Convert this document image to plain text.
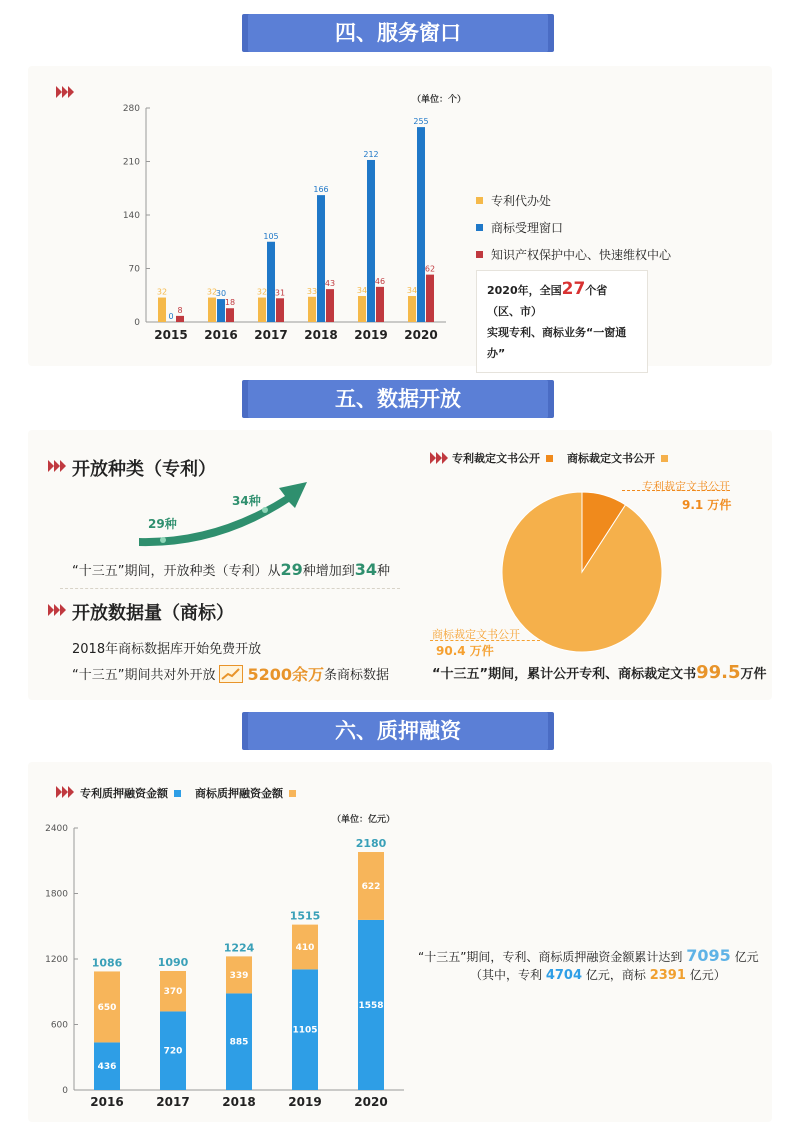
四、服务窗口
（单位：个）
0
70
140
210
280
32
0
8
2015
32
30
18
2016
32
105
31
2017
33
166
43
2018
34
212
46
2019
34
255
62
2020
专利代办处
商标受理窗口
知识产权保护中心、快速维权中心
2020年，全国27个省（区、市）
实现专利、商标业务“一窗通办”
五、数据开放
开放种类（专利）
29种
34种
“十三五”期间，开放种类（专利）从29种增加到34种
开放数据量（商标）
2018年商标数据库开始免费开放
“十三五”期间共对外开放 5200余万 条商标数据
专利裁定文书公开 商标裁定文书公开
专利裁定文书公开
9.1 万件
商标裁定文书公开
90.4 万件
“十三五”期间，累计公开专利、商标裁定文书99.5万件
六、质押融资
专利质押融资金额 商标质押融资金额
（单位：亿元）
0
600
1200
1800
2400
436
650
1086
2016
720
370
1090
2017
885
339
1224
2018
1105
410
1515
2019
1558
622
2180
2020
“十三五”期间，专利、商标质押融资金额累计达到 7095 亿元
（其中，专利 4704 亿元，商标 2391 亿元）
